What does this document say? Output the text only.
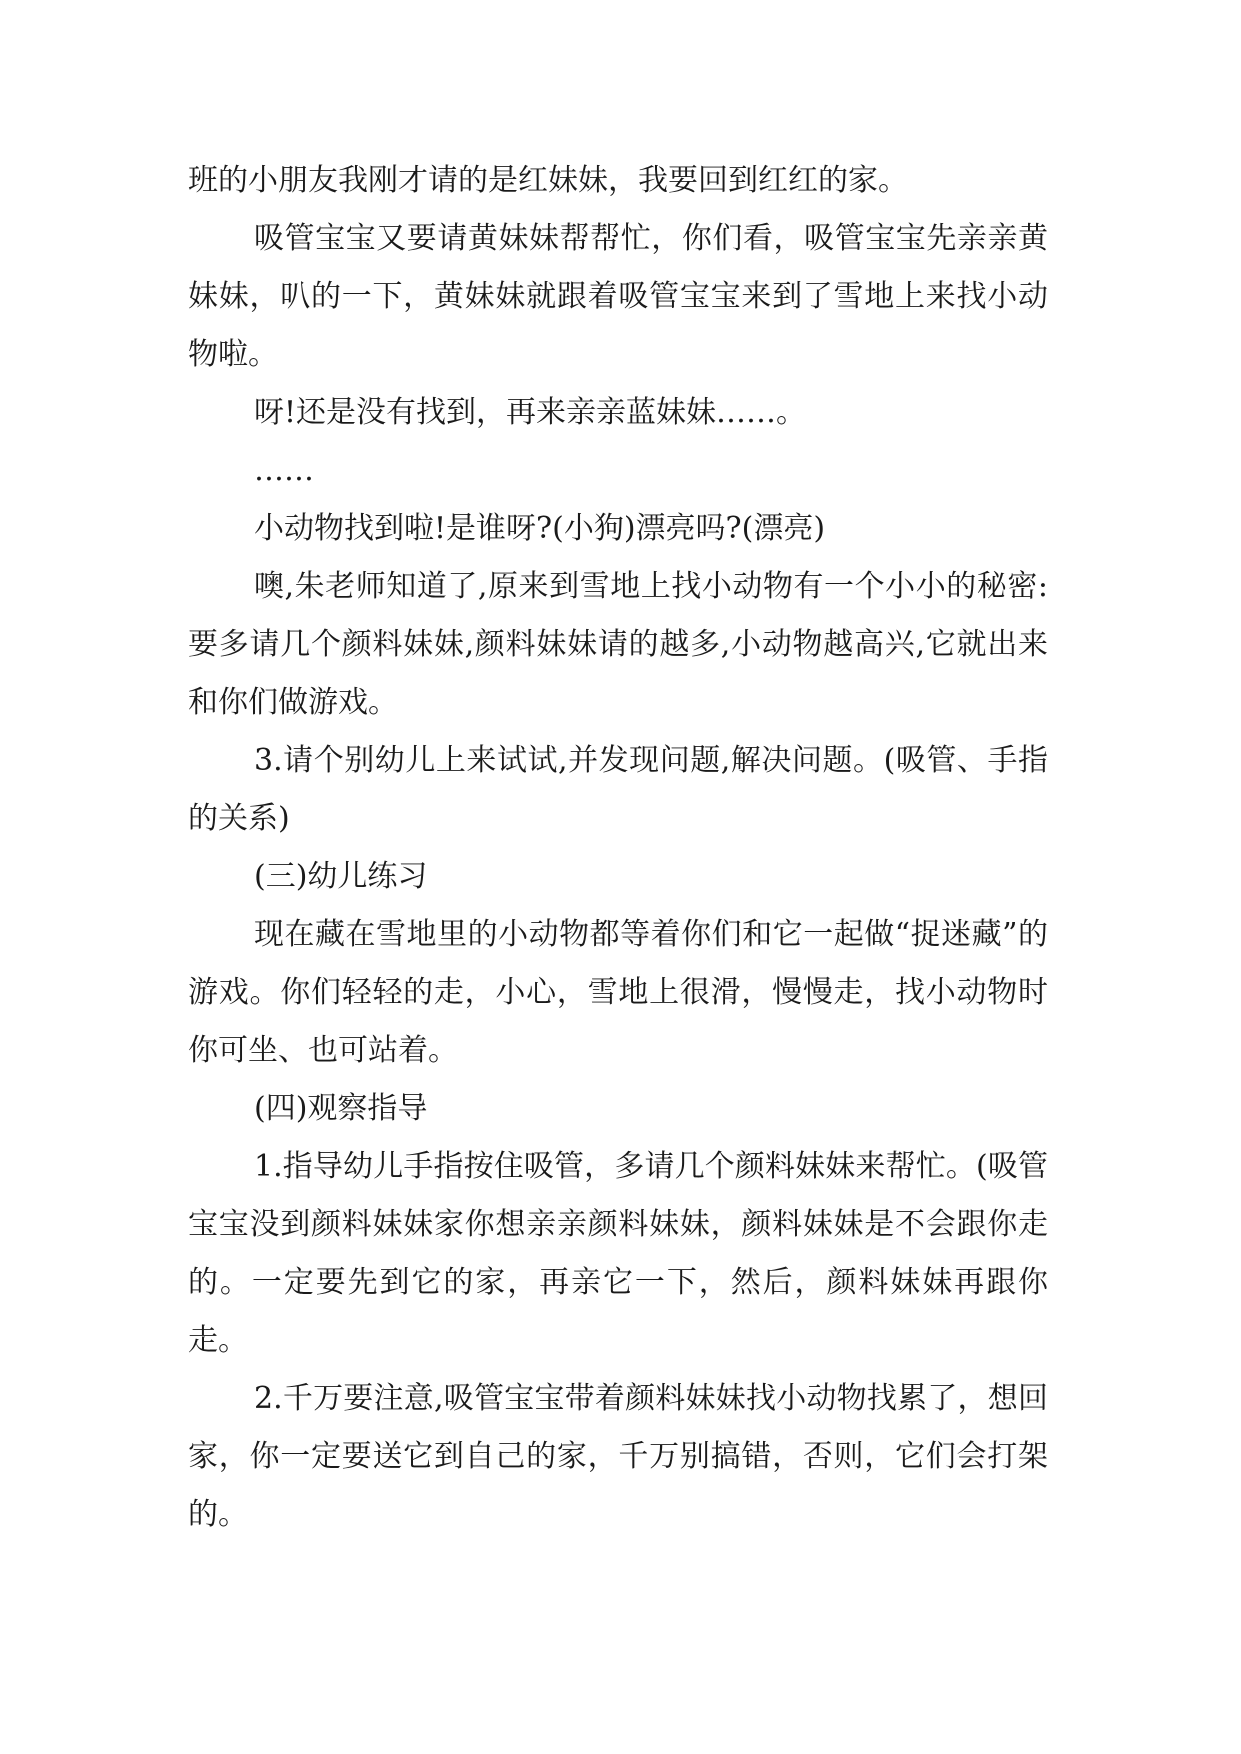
班的小朋友我刚才请的是红妹妹，我要回到红红的家。

吸管宝宝又要请黄妹妹帮帮忙，你们看，吸管宝宝先亲亲黄妹妹，叭的一下，黄妹妹就跟着吸管宝宝来到了雪地上来找小动物啦。

呀!还是没有找到，再来亲亲蓝妹妹……。

……

小动物找到啦!是谁呀?(小狗)漂亮吗?(漂亮)

噢,朱老师知道了,原来到雪地上找小动物有一个小小的秘密:要多请几个颜料妹妹,颜料妹妹请的越多,小动物越高兴,它就出来和你们做游戏。

3.请个别幼儿上来试试,并发现问题,解决问题。(吸管、手指的关系)

(三)幼儿练习

现在藏在雪地里的小动物都等着你们和它一起做“捉迷藏”的游戏。你们轻轻的走，小心，雪地上很滑，慢慢走，找小动物时你可坐、也可站着。

(四)观察指导

1.指导幼儿手指按住吸管，多请几个颜料妹妹来帮忙。(吸管宝宝没到颜料妹妹家你想亲亲颜料妹妹，颜料妹妹是不会跟你走的。一定要先到它的家，再亲它一下，然后，颜料妹妹再跟你走。

2.千万要注意,吸管宝宝带着颜料妹妹找小动物找累了，想回家，你一定要送它到自己的家，千万别搞错，否则，它们会打架的。
